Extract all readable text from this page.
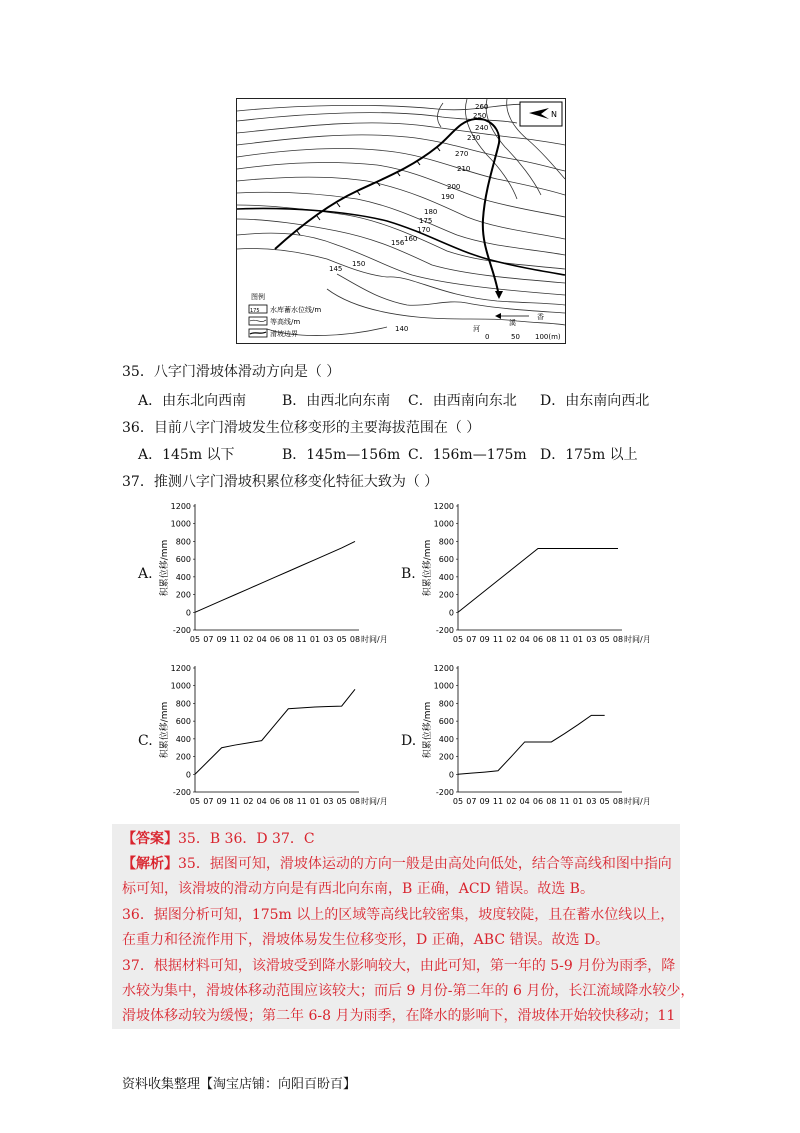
N
260
250
240
230
270
210
200
190
180
175
170
160
156
150
145
140
图例
175 水库蓄水位线/m
等高线/m
滑坡边界
河
溪
香
0	50 100(m)
35．八字门滑坡体滑动方向是（ ）
A．由东北向西南	B．由西北向东南 C．由西南向东北 D．由东南向西北
36．目前八字门滑坡发生位移变形的主要海拔范围在（ ）
A．145m 以下	B．145m—156m C．156m—175m D．175m 以上
37．推测八字门滑坡积累位移变化特征大致为（ ）
A.
1200
1000
800
600
400
200
0
-200
05 07 09 11 02 04 06 08 11 01 03 05 08 时间/月
积累位移/mm	B.
1200
1000
800
600
400
200
0
-200
05 07 09 11 02 04 06 08 11 01 03 05 08 时间/月
积累位移/mm
C.
1200
1000
800
600
400
200
0
-200
05 07 09 11 02 04 06 08 11 01 03 05 08 时间/月
积累位移/mm	D.
1200
1000
800
600
400
200
0
-200
05 07 09 11 02 04 06 08 11 01 03 05 08 时间/月
积累位移/mm
【答案】35．B 36．D 37．C
【解析】35．据图可知，滑坡体运动的方向一般是由高处向低处，结合等高线和图中指向
标可知，该滑坡的滑动方向是有西北向东南，B 正确，ACD 错误。故选 B。
36．据图分析可知，175m 以上的区域等高线比较密集，坡度较陡，且在蓄水位线以上，
在重力和径流作用下，滑坡体易发生位移变形，D 正确，ABC 错误。故选 D。
37．根据材料可知，该滑坡受到降水影响较大，由此可知，第一年的 5-9 月份为雨季，降
水较为集中，滑坡体移动范围应该较大；而后 9 月份-第二年的 6 月份，长江流域降水较少，
滑坡体移动较为缓慢；第二年 6-8 月为雨季，在降水的影响下，滑坡体开始较快移动；11
资料收集整理【淘宝店铺：向阳百⁠盼百】
